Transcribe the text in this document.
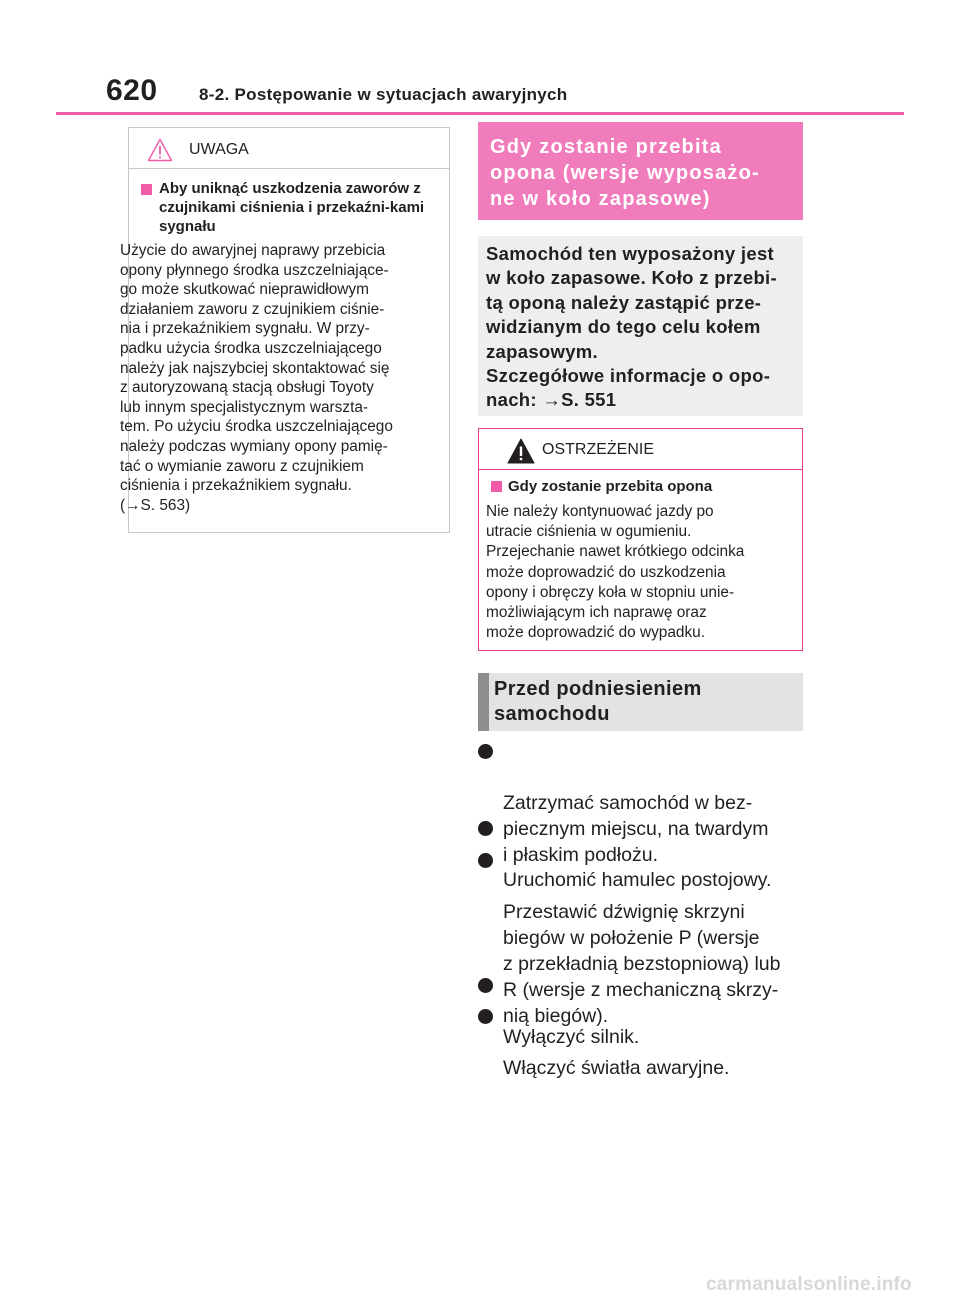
620 8-2. Postępowanie w sytuacjach awaryjnych
UWAGA
Aby uniknąć uszkodzenia zaworów z czujnikami ciśnienia i przekaźni-kami sygnału
Użycie do awaryjnej naprawy przebicia
opony płynnego środka uszczelniające-
go może skutkować nieprawidłowym
działaniem zaworu z czujnikiem ciśnie-
nia i przekaźnikiem sygnału. W przy-
padku użycia środka uszczelniającego
należy jak najszybciej skontaktować się
z autoryzowaną stacją obsługi Toyoty
lub innym specjalistycznym warszta-
tem. Po użyciu środka uszczelniającego
należy podczas wymiany opony pamię-
tać o wymianie zaworu z czujnikiem
ciśnienia i przekaźnikiem sygnału.
(→S. 563)
Gdy zostanie przebita
opona (wersje wyposażo-
ne w koło zapasowe)
Samochód ten wyposażony jest
w koło zapasowe. Koło z przebi-
tą oponą należy zastąpić prze-
widzianym do tego celu kołem
zapasowym.
Szczegółowe informacje o opo-
nach: →S. 551
OSTRZEŻENIE
Gdy zostanie przebita opona
Nie należy kontynuować jazdy po
utracie ciśnienia w ogumieniu.
Przejechanie nawet krótkiego odcinka
może doprowadzić do uszkodzenia
opony i obręczy koła w stopniu unie-
możliwiającym ich naprawę oraz
może doprowadzić do wypadku.
Przed podniesieniem
samochodu

Zatrzymać samochód w bez-
piecznym miejscu, na twardym
i płaskim podłożu.

Uruchomić hamulec postojowy.

Przestawić dźwignię skrzyni
biegów w położenie P (wersje
z przekładnią bezstopniową) lub
R (wersje z mechaniczną skrzy-
nią biegów).

Wyłączyć silnik.

Włączyć światła awaryjne.

carmanualsonline.info
